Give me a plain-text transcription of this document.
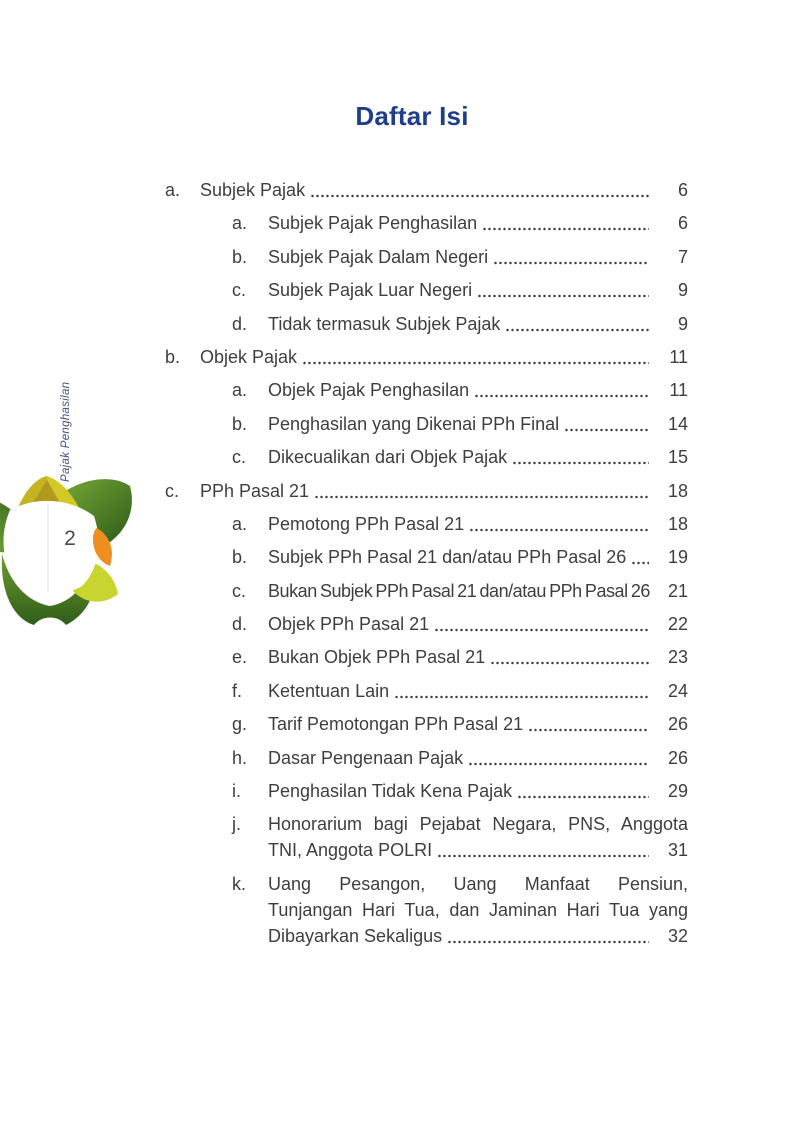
Daftar Isi
a.	Subjek Pajak	6
a.	Subjek Pajak Penghasilan	6
b.	Subjek Pajak Dalam Negeri	7
c.	Subjek Pajak Luar Negeri	9
d.	Tidak termasuk Subjek Pajak	9
b.	Objek Pajak	11
a.	Objek Pajak Penghasilan	11
b.	Penghasilan yang Dikenai PPh Final	14
c.	Dikecualikan dari Objek Pajak	15
c.	PPh Pasal 21	18
a.	Pemotong PPh Pasal 21	18
b.	Subjek PPh Pasal 21 dan/atau PPh Pasal 26	19
c.	Bukan Subjek PPh Pasal 21 dan/atau PPh Pasal 26	21
d.	Objek PPh Pasal 21	22
e.	Bukan Objek PPh Pasal 21	23
f.	Ketentuan Lain	24
g.	Tarif Pemotongan PPh Pasal 21	26
h.	Dasar Pengenaan Pajak	26
i.	Penghasilan Tidak Kena Pajak	29
j.	Honorarium bagi Pejabat Negara, PNS, Anggota
TNI, Anggota POLRI	31
k.	Uang Pesangon, Uang Manfaat Pensiun,
Tunjangan Hari Tua, dan Jaminan Hari Tua yang
Dibayarkan Sekaligus	32
Pajak Penghasilan
2
